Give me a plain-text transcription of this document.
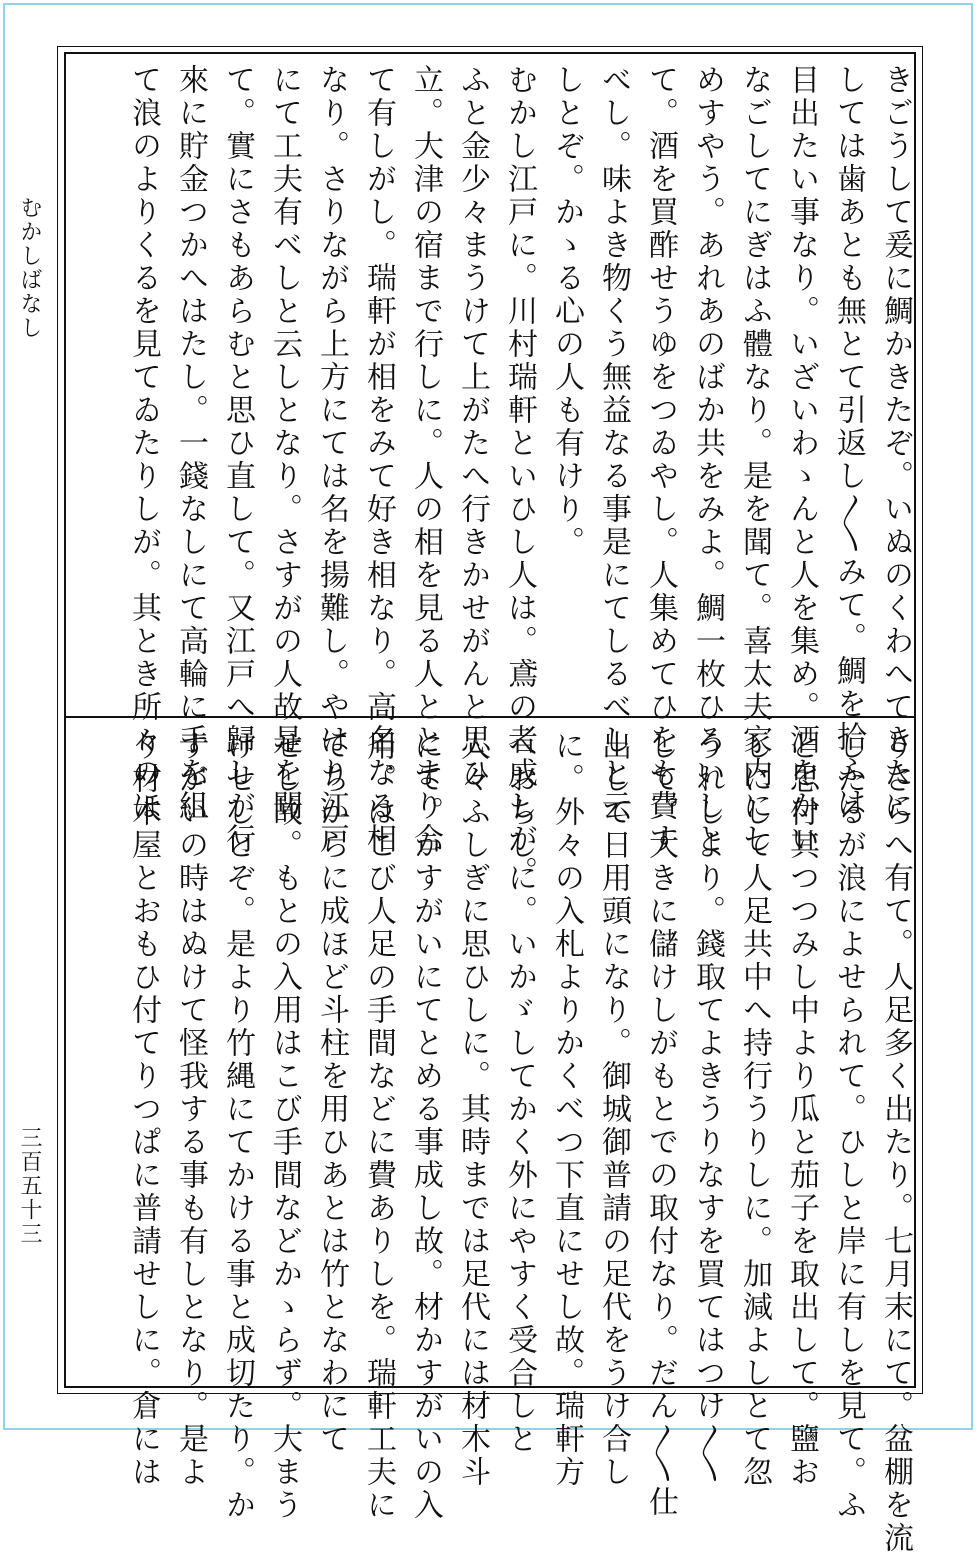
むかしばなし
三百五十三
きごうして爰に鯛かきたぞ。いぬのくわへてきたに
しては歯あとも無とて引返し〳〵みて。鯛を拾ふは
目出たい事なり。いざいわゝんと人を集め。酒をかい
なごしてにぎはふ體なり。是を聞て。喜太夫家内にし
めすやう。あれあのばか共をみよ。鯛一枚ひろいしと
て。酒を買酢せうゆをつゐやし。人集めてひをも費す
べし。味よき物くう無益なる事是にてしるべしと云
しとぞ。かゝる心の人も有けり。
むかし江戸に。川村瑞軒といひし人は。鳶の者成しが。
ふと金少々まうけて上がたへ行きかせがんと思ひ
立。大津の宿まで行しに。人の相を見る人ととまり合
て有しがし。瑞軒が相をみて好き相なり。高名なる相
なり。さりながら上方にては名を揚難し。やはり江戸
にて工夫有べしと云しとなり。さすがの人故是を聞
て。實にさもあらむと思ひ直して。又江戸へ歸しが行
來に貯金つかへはたし。一錢なしにて高輪に手を組
て浪のよりくるを見てゐたりしが。其とき所々のほ
りさらへ有て。人足多く出たり。七月末にて。盆棚を流
したるが浪によせられて。ひしと岸に有しを見て。ふ
と思付其つつみし中より瓜と茄子を取出して。鹽お
しにして人足共中へ持行うりしに。加減よしとて忽
うれしより。錢取てよきうりなすを買てはつけ〳〵
して。大きに儲けしがもとでの取付なり。だん〳〵仕
出して日用頭になり。御城御普請の足代をうけ合し
に。外々の入札よりかくべつ下直にせし故。瑞軒方
へおちしに。いかゞしてかく外にやすく受合しと
人々ふしぎに思ひしに。其時までは足代には材木斗
にて。かすがいにてとめる事成し故。材かすがいの入
用。はこび人足の手間などに費ありしを。瑞軒工夫に
てちからに成ほど斗柱を用ひあとは竹となわにて
せし故。もとの入用はこび手間などかゝらず。大まう
けせしとぞ。是より竹縄にてかける事と成切たり。か
すがいの時はぬけて怪我する事も有しとなり。是よ
り材木屋とおもひ付てりつぱに普請せしに。倉には
